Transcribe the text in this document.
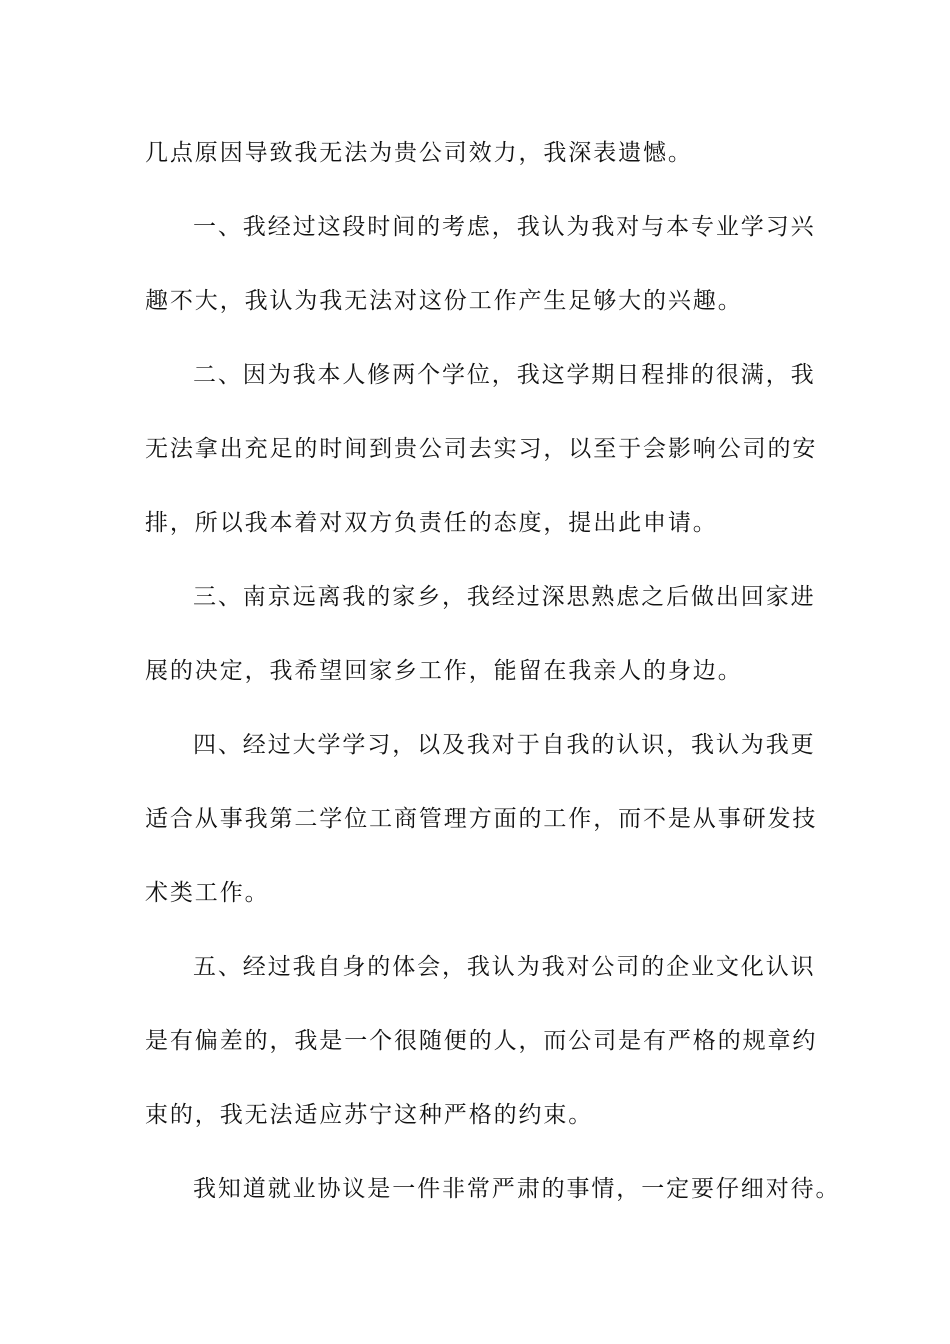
几点原因导致我无法为贵公司效力，我深表遗憾。
一、我经过这段时间的考虑，我认为我对与本专业学习兴
趣不大，我认为我无法对这份工作产生足够大的兴趣。
二、因为我本人修两个学位，我这学期日程排的很满，我
无法拿出充足的时间到贵公司去实习，以至于会影响公司的安
排，所以我本着对双方负责任的态度，提出此申请。
三、南京远离我的家乡，我经过深思熟虑之后做出回家进
展的决定，我希望回家乡工作，能留在我亲人的身边。
四、经过大学学习，以及我对于自我的认识，我认为我更
适合从事我第二学位工商管理方面的工作，而不是从事研发技
术类工作。
五、经过我自身的体会，我认为我对公司的企业文化认识
是有偏差的，我是一个很随便的人，而公司是有严格的规章约
束的，我无法适应苏宁这种严格的约束。
我知道就业协议是一件非常严肃的事情，一定要仔细对待。
